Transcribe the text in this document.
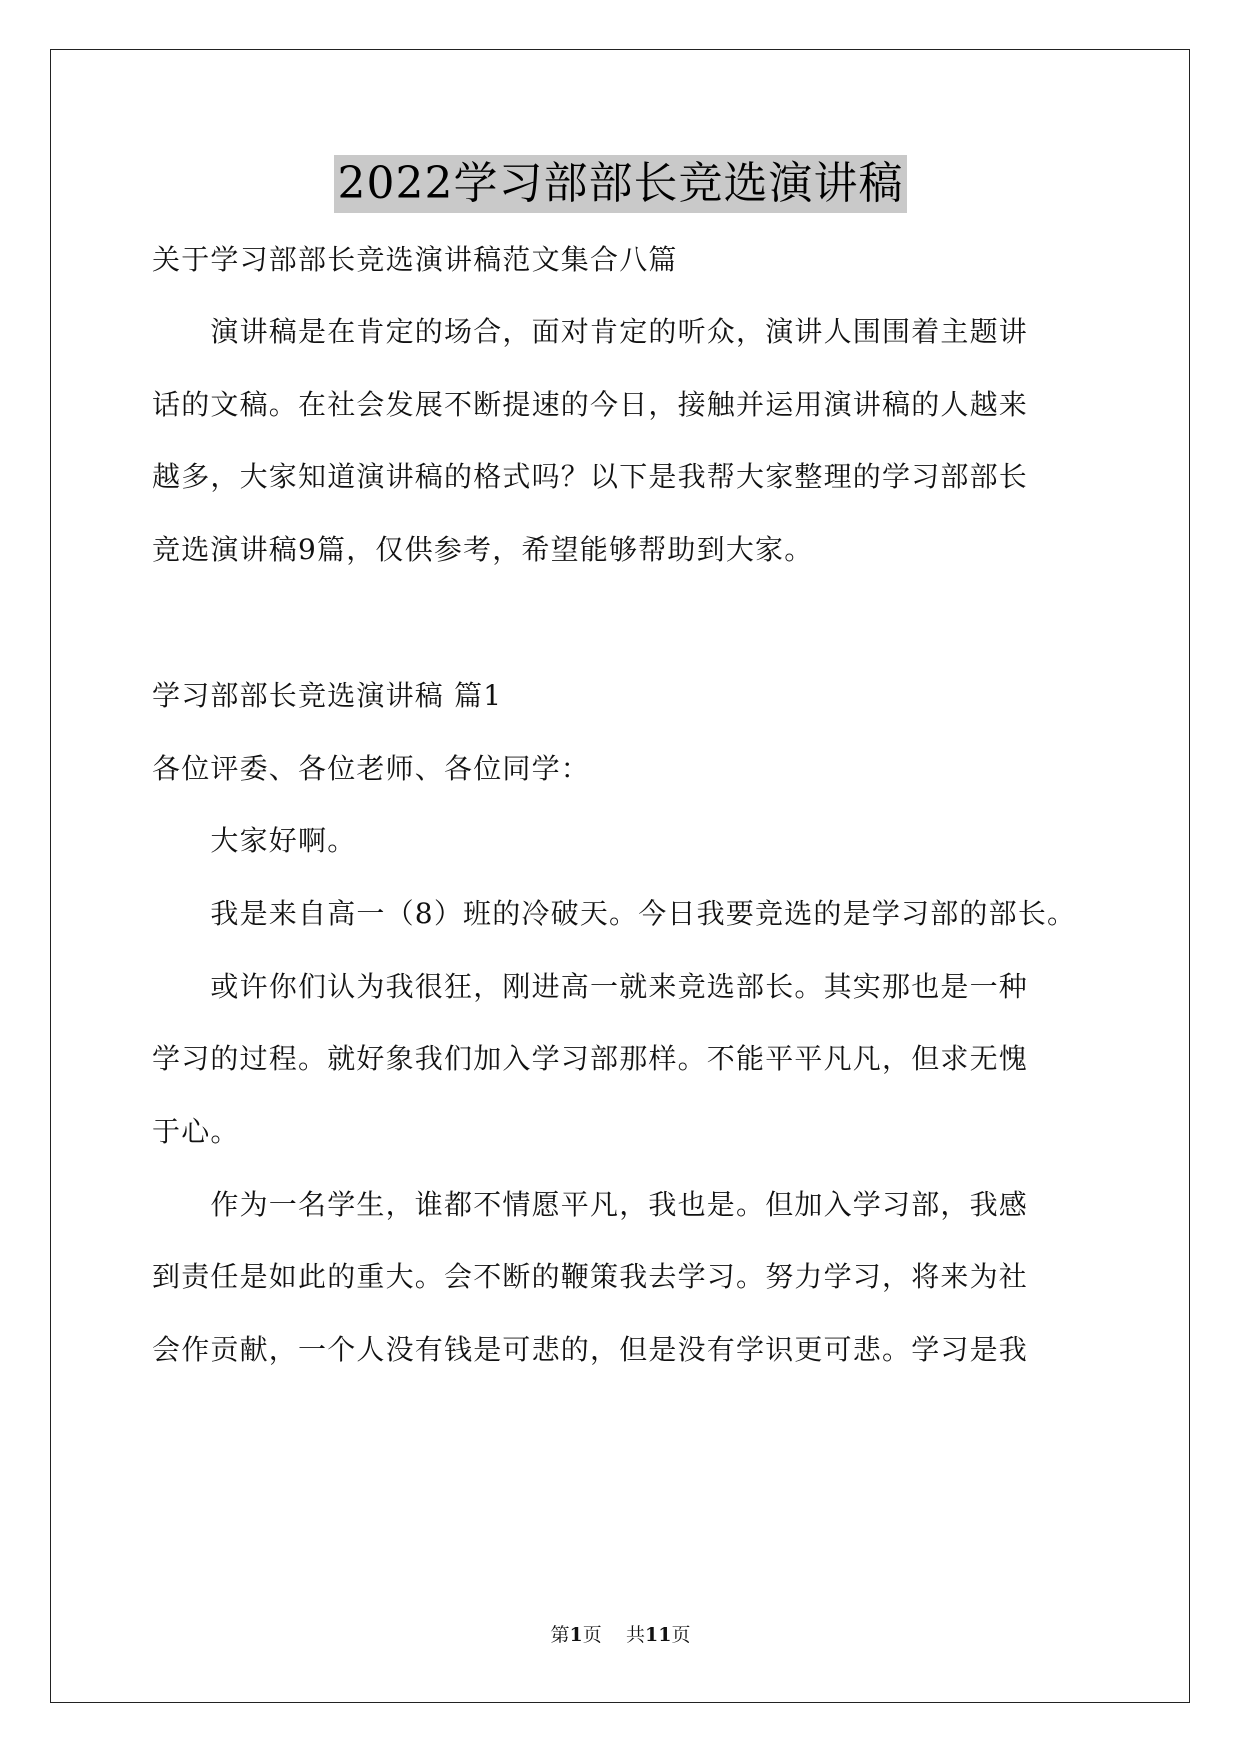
2022学习部部长竞选演讲稿
关于学习部部长竞选演讲稿范文集合八篇
　　演讲稿是在肯定的场合，面对肯定的听众，演讲人围围着主题讲
话的文稿。在社会发展不断提速的今日，接触并运用演讲稿的人越来
越多，大家知道演讲稿的格式吗？以下是我帮大家整理的学习部部长
竞选演讲稿9篇，仅供参考，希望能够帮助到大家。
学习部部长竞选演讲稿 篇1
各位评委、各位老师、各位同学：
　　大家好啊。
　　我是来自高一（8）班的冷破天。今日我要竞选的是学习部的部长。
　　或许你们认为我很狂，刚进高一就来竞选部长。其实那也是一种
学习的过程。就好象我们加入学习部那样。不能平平凡凡，但求无愧
于心。
　　作为一名学生，谁都不情愿平凡，我也是。但加入学习部，我感
到责任是如此的重大。会不断的鞭策我去学习。努力学习，将来为社
会作贡献，一个人没有钱是可悲的，但是没有学识更可悲。学习是我
第1页 共11页
